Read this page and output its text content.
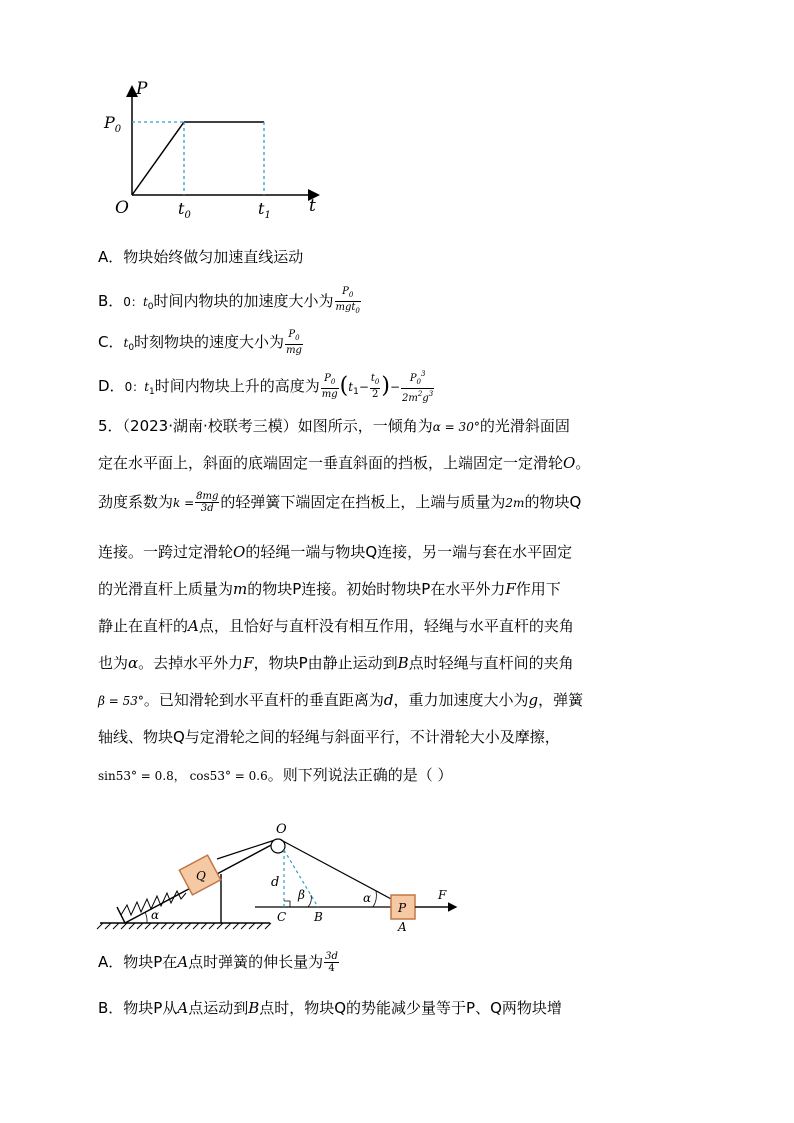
P
t
O
$P_0$
$t_0$	$t_1$
A．物块始终做匀加速直线运动
B．0：$t_0$时间内物块的加速度大小为 $\frac{P_0}{mgt_0}$
C．$t_0$时刻物块的速度大小为 $\frac{P_0}{mg}$
D．0：$t_1$时间内物块上升的高度为 $\frac{P_0}{mg} (t_1- \frac{t_0}{2}$ )− $\frac{P_0^3}{2m^2g^3}$
5．（2023·湖南·校联考三模）如图所示，一倾角为α = 30°的光滑斜面固
定在水平面上，斜面的底端固定一垂直斜面的挡板，上端固定一定滑轮O。
劲度系数为$k = \frac{8mg}{3d}$ 的轻弹簧下端固定在挡板上，上端与质量为2m的物块Q
连接。一跨过定滑轮O的轻绳一端与物块Q连接，另一端与套在水平固定
的光滑直杆上质量为m的物块P连接。初始时物块P在水平外力F作用下
静止在直杆的A点，且恰好与直杆没有相互作用，轻绳与水平直杆的夹角
也为α。去掉水平外力F，物块P由静止运动到B点时轻绳与直杆间的夹角
β = 53°。已知滑轮到水平直杆的垂直距离为d，重力加速度大小为g，弹簧
轴线、物块Q与定滑轮之间的轻绳与斜面平行，不计滑轮大小及摩擦，
sin53° = 0.8， cos53° = 0.6。则下列说法正确的是（ ）
Q
O
P
d
β
α
α
C B
A
F
A．物块P在A点时弹簧的伸长量为 $\frac{3d}{4}$
B．物块P从A点运动到B点时，物块Q的势能减少量等于P、Q两物块增
